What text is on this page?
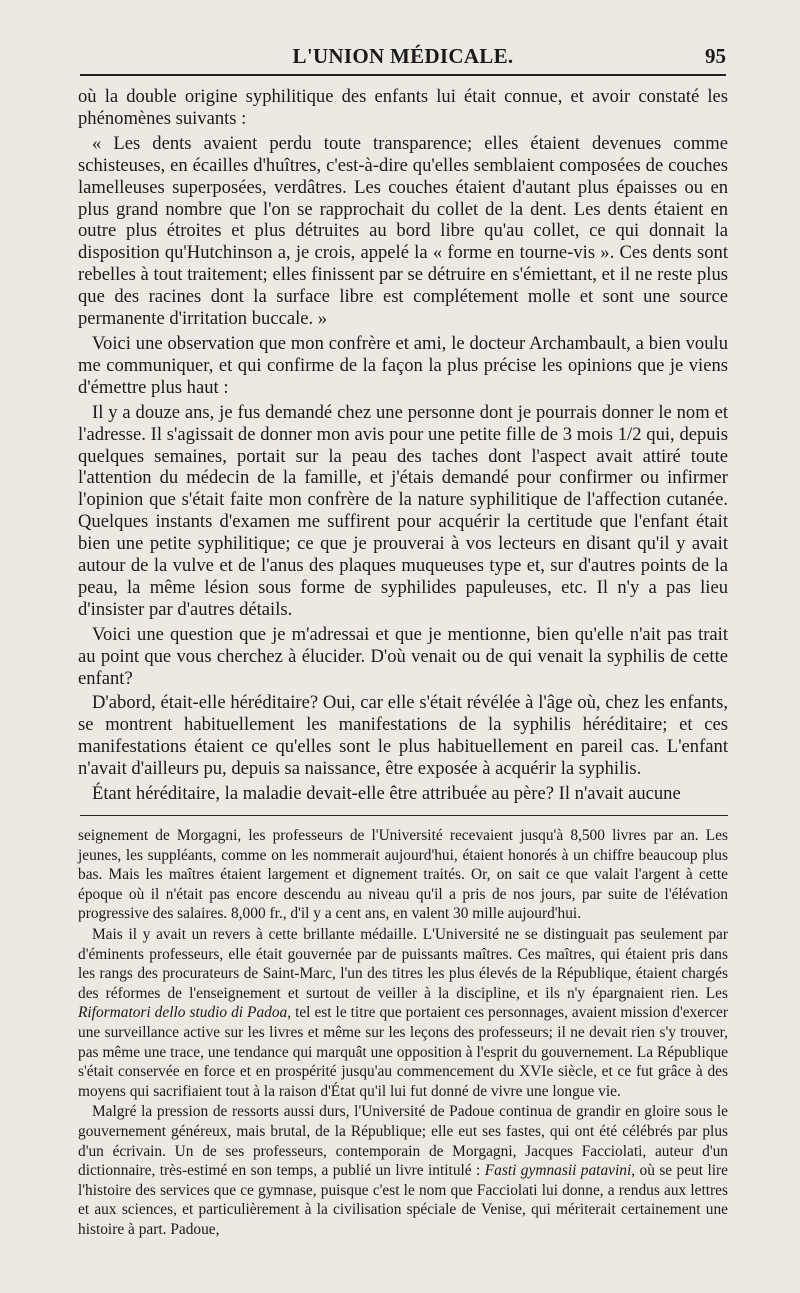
L'UNION MÉDICALE.	95

où la double origine syphilitique des enfants lui était connue, et avoir constaté les phénomènes suivants :

« Les dents avaient perdu toute transparence; elles étaient devenues comme schisteuses, en écailles d'huîtres, c'est-à-dire qu'elles semblaient composées de couches lamelleuses superposées, verdâtres. Les couches étaient d'autant plus épaisses ou en plus grand nombre que l'on se rapprochait du collet de la dent. Les dents étaient en outre plus étroites et plus détruites au bord libre qu'au collet, ce qui donnait la disposition qu'Hutchinson a, je crois, appelé la « forme en tourne-vis ». Ces dents sont rebelles à tout traitement; elles finissent par se détruire en s'émiettant, et il ne reste plus que des racines dont la surface libre est complétement molle et sont une source permanente d'irritation buccale. »

Voici une observation que mon confrère et ami, le docteur Archambault, a bien voulu me communiquer, et qui confirme de la façon la plus précise les opinions que je viens d'émettre plus haut :

Il y a douze ans, je fus demandé chez une personne dont je pourrais donner le nom et l'adresse. Il s'agissait de donner mon avis pour une petite fille de 3 mois 1/2 qui, depuis quelques semaines, portait sur la peau des taches dont l'aspect avait attiré toute l'attention du médecin de la famille, et j'étais demandé pour confirmer ou infirmer l'opinion que s'était faite mon confrère de la nature syphilitique de l'affection cutanée. Quelques instants d'examen me suffirent pour acquérir la certitude que l'enfant était bien une petite syphilitique; ce que je prouverai à vos lecteurs en disant qu'il y avait autour de la vulve et de l'anus des plaques muqueuses type et, sur d'autres points de la peau, la même lésion sous forme de syphilides papuleuses, etc. Il n'y a pas lieu d'insister par d'autres détails.

Voici une question que je m'adressai et que je mentionne, bien qu'elle n'ait pas trait au point que vous cherchez à élucider. D'où venait ou de qui venait la syphilis de cette enfant?

D'abord, était-elle héréditaire? Oui, car elle s'était révélée à l'âge où, chez les enfants, se montrent habituellement les manifestations de la syphilis héréditaire; et ces manifestations étaient ce qu'elles sont le plus habituellement en pareil cas. L'enfant n'avait d'ailleurs pu, depuis sa naissance, être exposée à acquérir la syphilis.

Étant héréditaire, la maladie devait-elle être attribuée au père? Il n'avait aucune

seignement de Morgagni, les professeurs de l'Université recevaient jusqu'à 8,500 livres par an. Les jeunes, les suppléants, comme on les nommerait aujourd'hui, étaient honorés à un chiffre beaucoup plus bas. Mais les maîtres étaient largement et dignement traités. Or, on sait ce que valait l'argent à cette époque où il n'était pas encore descendu au niveau qu'il a pris de nos jours, par suite de l'élévation progressive des salaires. 8,000 fr., d'il y a cent ans, en valent 30 mille aujourd'hui.

Mais il y avait un revers à cette brillante médaille. L'Université ne se distinguait pas seulement par d'éminents professeurs, elle était gouvernée par de puissants maîtres. Ces maîtres, qui étaient pris dans les rangs des procurateurs de Saint-Marc, l'un des titres les plus élevés de la République, étaient chargés des réformes de l'enseignement et surtout de veiller à la discipline, et ils n'y épargnaient rien. Les Riformatori dello studio di Padoa, tel est le titre que portaient ces personnages, avaient mission d'exercer une surveillance active sur les livres et même sur les leçons des professeurs; il ne devait rien s'y trouver, pas même une trace, une tendance qui marquât une opposition à l'esprit du gouvernement. La République s'était conservée en force et en prospérité jusqu'au commencement du XVIe siècle, et ce fut grâce à des moyens qui sacrifiaient tout à la raison d'État qu'il lui fut donné de vivre une longue vie.

Malgré la pression de ressorts aussi durs, l'Université de Padoue continua de grandir en gloire sous le gouvernement généreux, mais brutal, de la République; elle eut ses fastes, qui ont été célébrés par plus d'un écrivain. Un de ses professeurs, contemporain de Morgagni, Jacques Facciolati, auteur d'un dictionnaire, très-estimé en son temps, a publié un livre intitulé : Fasti gymnasii patavini, où se peut lire l'histoire des services que ce gymnase, puisque c'est le nom que Facciolati lui donne, a rendus aux lettres et aux sciences, et particulièrement à la civilisation spéciale de Venise, qui mériterait certainement une histoire à part. Padoue,
